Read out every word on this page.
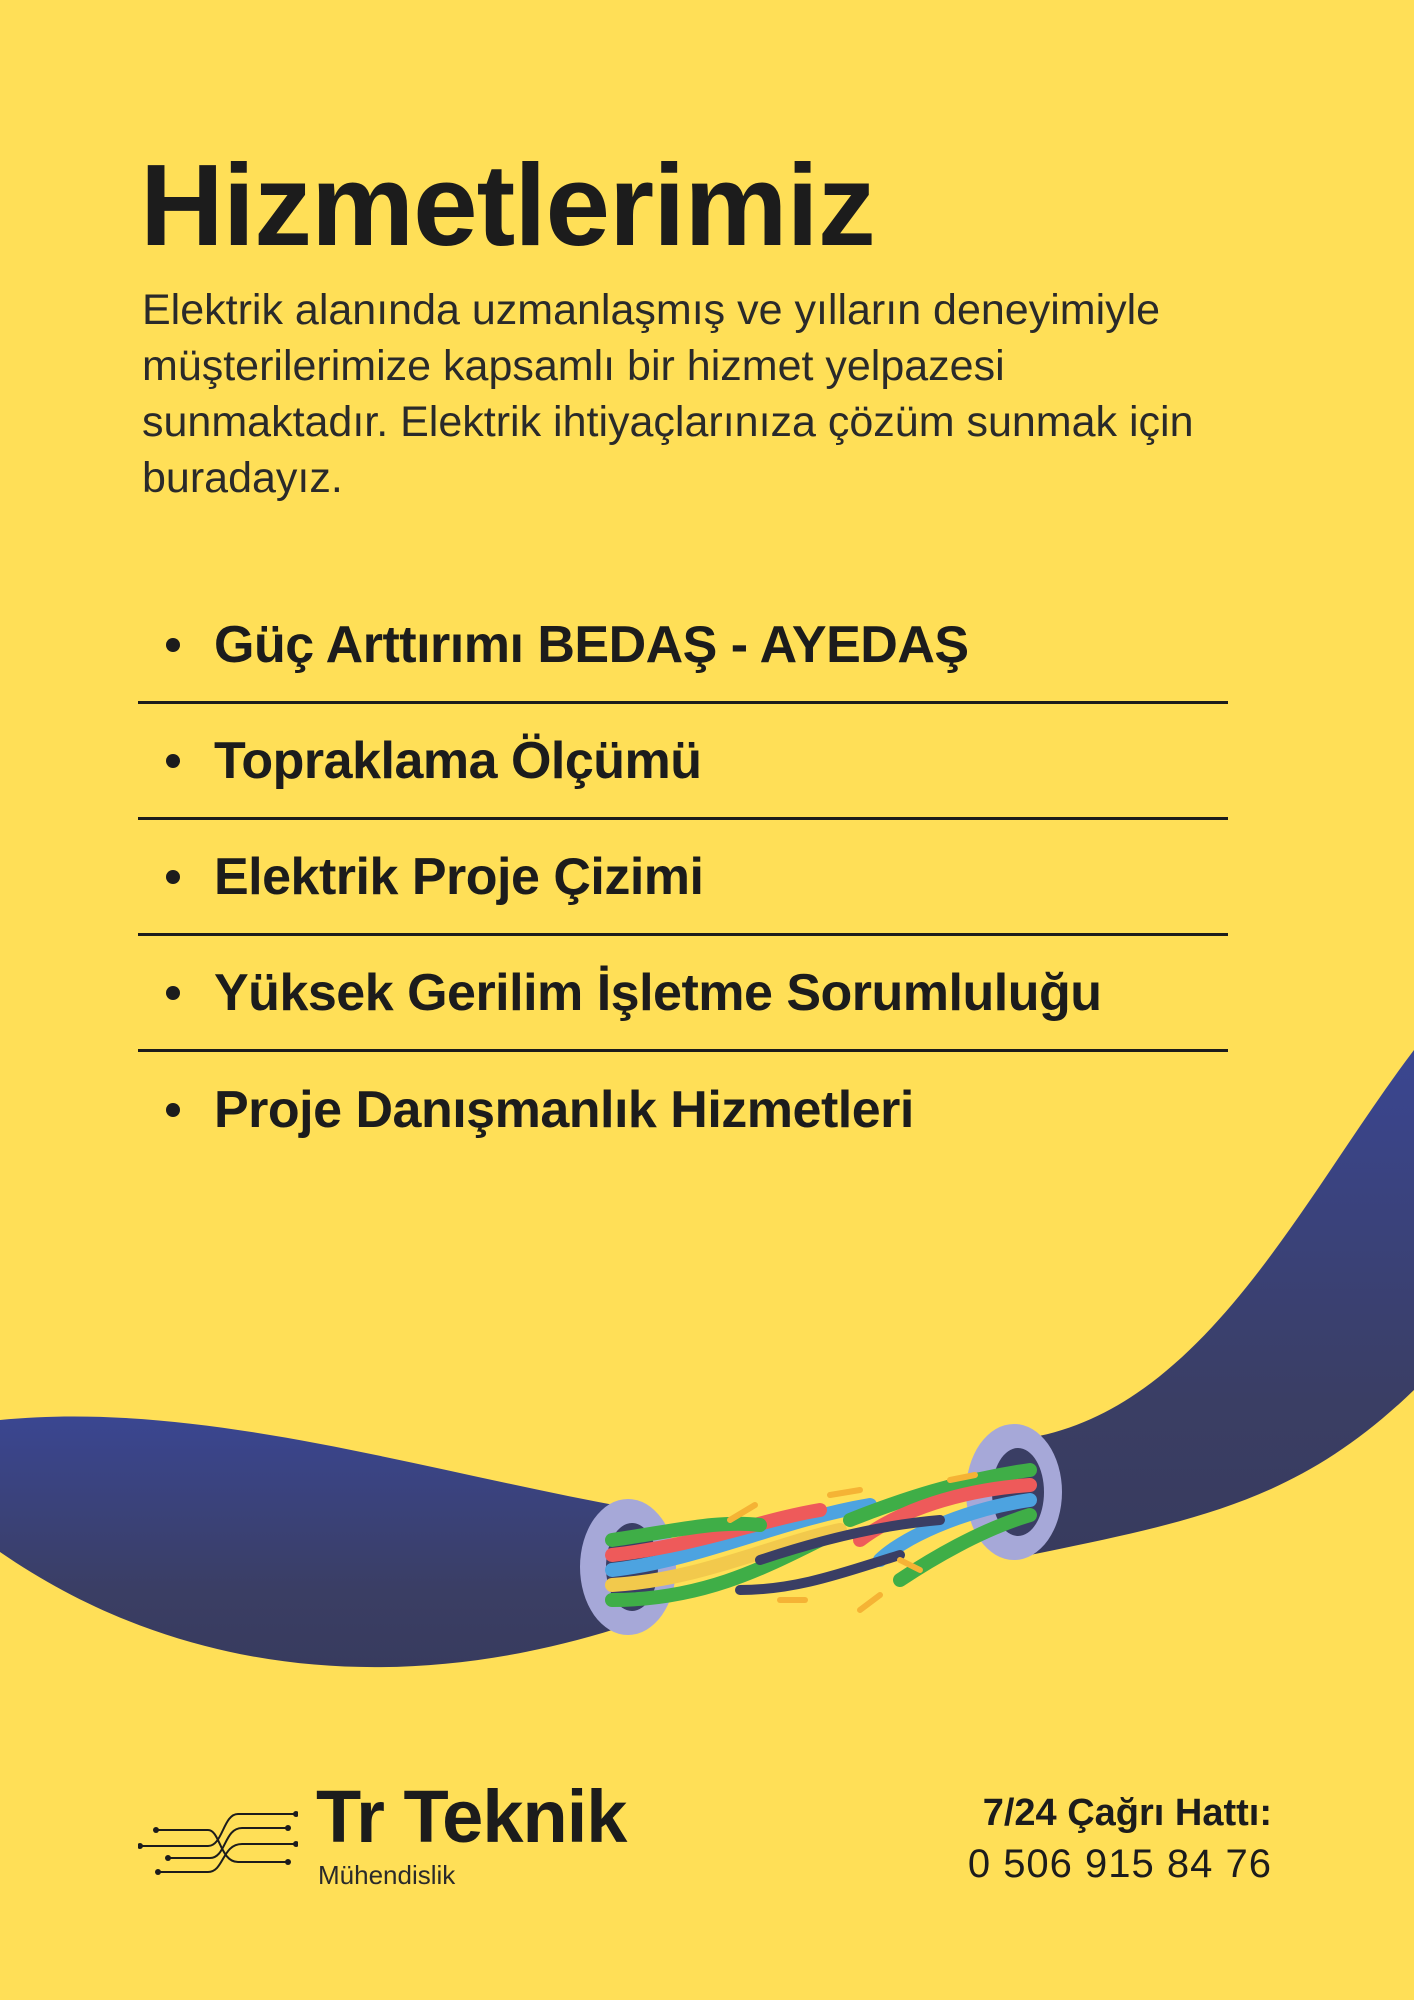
Hizmetlerimiz

Elektrik alanında uzmanlaşmış ve yılların deneyimiyle müşterilerimize kapsamlı bir hizmet yelpazesi sunmaktadır. Elektrik ihtiyaçlarınıza çözüm sunmak için buradayız.

Güç Arttırımı BEDAŞ - AYEDAŞ
Topraklama Ölçümü
Elektrik Proje Çizimi
Yüksek Gerilim İşletme Sorumluluğu
Proje Danışmanlık Hizmetleri

Tr Teknik

Mühendislik

7/24 Çağrı Hattı:

0 506 915 84 76
